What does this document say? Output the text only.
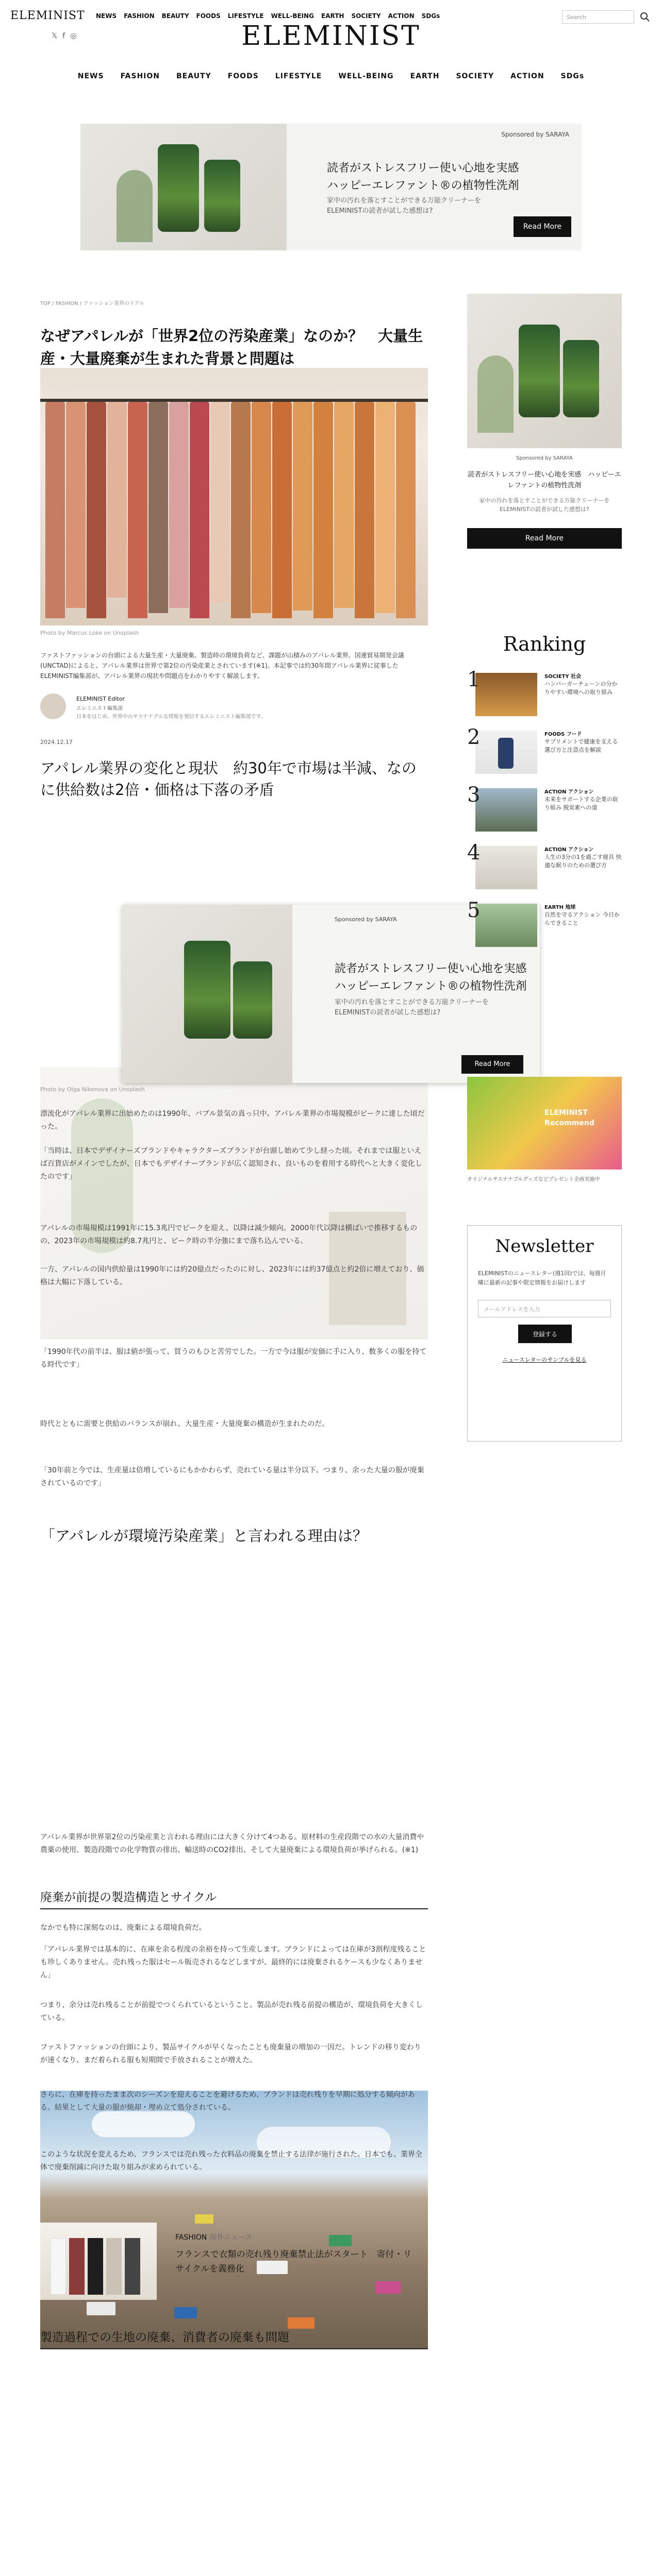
ELEMINIST NEWS FASHION BEAUTY FOODS LIFESTYLE WELL-BEING EARTH SOCIETY ACTION SDGs	Search
𝕏 f ◎	ELEMINIST
NEWS FASHION BEAUTY FOODS LIFESTYLE WELL-BEING EARTH SOCIETY ACTION SDGs
Sponsored by SARAYA
読者がストレスフリー使い心地を実感
ハッピーエレファント®の植物性洗剤
家中の汚れを落とすことができる万能クリーナーを
ELEMINISTの読者が試した感想は?
Read More
TOP / FASHION / ファッション業界のリアル
なぜアパレルが「世界2位の汚染産業」なのか？　大量生産・大量廃棄が生まれた背景と問題は
Photo by Marcus Loke on Unsplash
ファストファッションの台頭による大量生産・大量廃棄、製造時の環境負荷など、課題が山積みのアパレル業界。国連貿易開発会議(UNCTAD)によると、アパレル業界は世界で第2位の汚染産業とされています(※1)。本記事では約30年間アパレル業界に従事したELEMINIST編集部が、アパレル業界の現状や問題点をわかりやすく解説します。
ELEMINIST Editor
エレミニスト編集部
日本をはじめ、世界中のサステナブルな情報を発信するエレミニスト編集部です。
2024.12.17
アパレル業界の変化と現状　約30年で市場は半減、なのに供給数は2倍・価格は下落の矛盾
Photo by Olga Nikonova on Unsplash
漂流化がアパレル業界に出始めたのは1990年、バブル景気の真っ只中。アパレル業界の市場規模がピークに達した頃だった。
「当時は、日本でデザイナーズブランドやキャラクターズブランドが台頭し始めて少し経った頃。それまでは服といえば百貨店がメインでしたが、日本でもデザイナーブランドが広く認知され、良いものを着用する時代へと大きく変化したのです」
アパレルの市場規模は1991年に15.3兆円でピークを迎え、以降は減少傾向。2000年代以降は横ばいで推移するものの、2023年の市場規模は約8.7兆円と、ピーク時の半分強にまで落ち込んでいる。
一方、アパレルの国内供給量は1990年には約20億点だったのに対し、2023年には約37億点と約2倍に増えており、価格は大幅に下落している。
「1990年代の前半は、服は値が張って、買うのもひと苦労でした。一方で今は服が安価に手に入り、数多くの服を持てる時代です」
時代とともに需要と供給のバランスが崩れ、大量生産・大量廃棄の構造が生まれたのだ。
「30年前と今では、生産量は倍増しているにもかかわらず、売れている量は半分以下。つまり、余った大量の服が廃棄されているのです」
「アパレルが環境汚染産業」と言われる理由は？
アパレル業界が世界第2位の汚染産業と言われる理由には大きく分けて4つある。原材料の生産段階での水の大量消費や農薬の使用、製造段階での化学物質の排出、輸送時のCO2排出、そして大量廃棄による環境負荷が挙げられる。(※1)
廃棄が前提の製造構造とサイクル
なかでも特に深刻なのは、廃棄による環境負荷だ。
「アパレル業界では基本的に、在庫を余る程度の余裕を持って生産します。ブランドによっては在庫が3割程度残ることも珍しくありません。売れ残った服はセール販売されるなどしますが、最終的には廃棄されるケースも少なくありません」
つまり、余分は売れ残ることが前提でつくられているということ。製品が売れ残る前提の構造が、環境負荷を大きくしている。
ファストファッションの台頭により、製品サイクルが早くなったことも廃棄量の増加の一因だ。トレンドの移り変わりが速くなり、まだ着られる服も短期間で手放されることが増えた。
さらに、在庫を持ったまま次のシーズンを迎えることを避けるため、ブランドは売れ残りを早期に処分する傾向がある。結果として大量の服が焼却・埋め立て処分されている。
このような状況を変えるため、フランスでは売れ残った衣料品の廃棄を禁止する法律が施行された。日本でも、業界全体で廃棄削減に向けた取り組みが求められている。
FASHION 海外ニュース
フランスで衣類の売れ残り廃棄禁止法がスタート　寄付・リサイクルを義務化
製造過程での生地の廃棄、消費者の廃棄も問題
Sponsored by SARAYA
読者がストレスフリー使い心地を実感
ハッピーエレファント®の植物性洗剤
家中の汚れを落とすことができる万能クリーナーを
ELEMINISTの読者が試した感想は?
Read More
Sponsored by SARAYA
読者がストレスフリー使い心地を実感　ハッピーエレファントの植物性洗剤
家中の汚れを落とすことができる万能クリーナーをELEMINISTの読者が試した感想は?
Read More
Ranking
1	SOCIETY 社会
ハンバーガーチェーンの分かりやすい環境への取り組み
2	FOODS フード
サブリメントで健康を支える 選び方と注意点を解説
3	ACTION アクション
未来をサポートする企業の取り組み 脱炭素への道
4	ACTION アクション
人生の3分の1を過ごす寝具 快適な眠りのための選び方
5	EARTH 地球
自然を守るアクション 今日からできること
ELEMINIST Recommend
オリジナルサステナブルグッズなどプレゼント企画実施中
Newsletter
ELEMINISTのニュースレター(週1回)では、毎週月曜に最新の記事や限定情報をお届けします
メールアドレスを入力
登録する
ニュースレターのサンプルを見る
